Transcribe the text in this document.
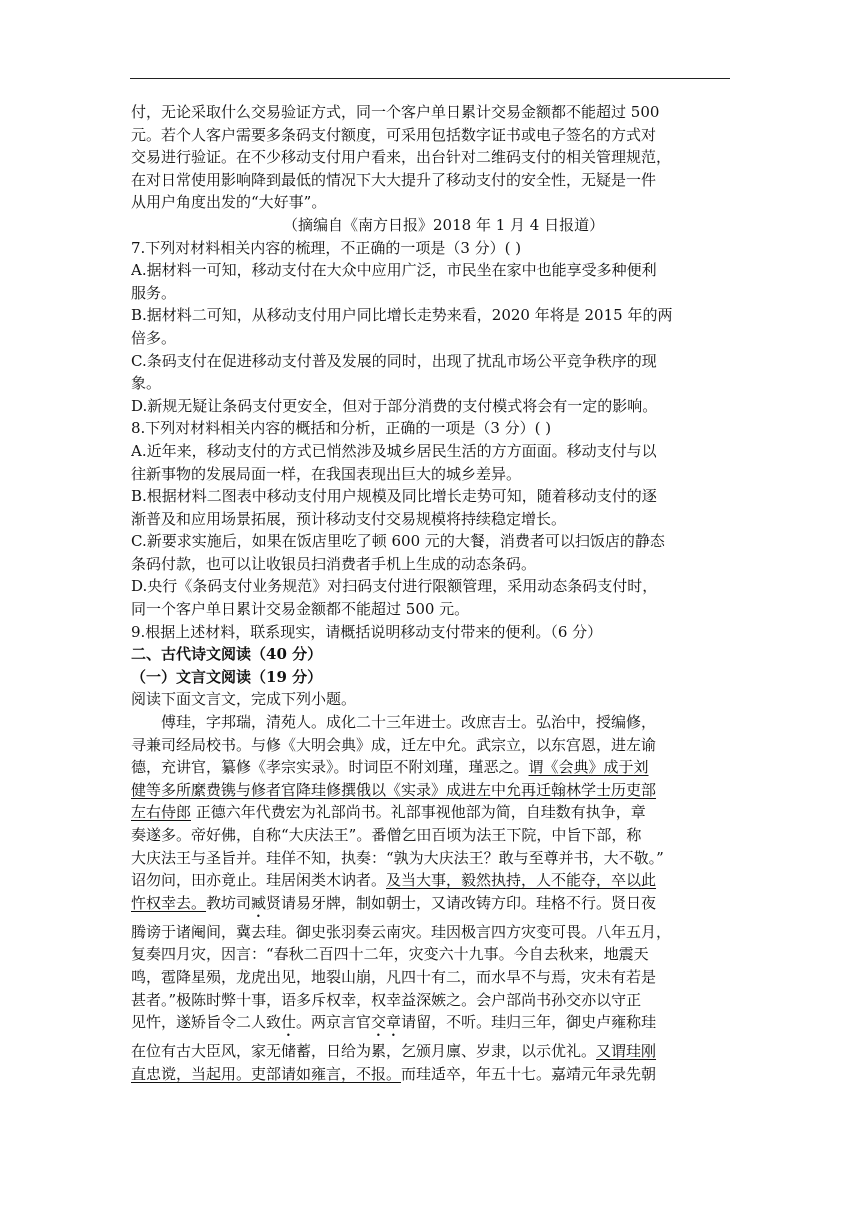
付，无论采取什么交易验证方式，同一个客户单日累计交易金额都不能超过 500
元。若个人客户需要多条码支付额度，可采用包括数字证书或电子签名的方式对
交易进行验证。在不少移动支付用户看来，出台针对二维码支付的相关管理规范，
在对日常使用影响降到最低的情况下大大提升了移动支付的安全性，无疑是一件
从用户角度出发的“大好事”。
（摘编自《南方日报》2018 年 1 月 4 日报道）
7.下列对材料相关内容的梳理，不正确的一项是（3 分）( )
A.据材料一可知，移动支付在大众中应用广泛，市民坐在家中也能享受多种便利
服务。
B.据材料二可知，从移动支付用户同比增长走势来看，2020 年将是 2015 年的两
倍多。
C.条码支付在促进移动支付普及发展的同时，出现了扰乱市场公平竞争秩序的现
象。
D.新规无疑让条码支付更安全，但对于部分消费的支付模式将会有一定的影响。
8.下列对材料相关内容的概括和分析，正确的一项是（3 分）( )
A.近年来，移动支付的方式已悄然涉及城乡居民生活的方方面面。移动支付与以
往新事物的发展局面一样，在我国表现出巨大的城乡差异。
B.根据材料二图表中移动支付用户规模及同比增长走势可知，随着移动支付的逐
渐普及和应用场景拓展，预计移动支付交易规模将持续稳定增长。
C.新要求实施后，如果在饭店里吃了顿 600 元的大餐，消费者可以扫饭店的静态
条码付款，也可以让收银员扫消费者手机上生成的动态条码。
D.央行《条码支付业务规范》对扫码支付进行限额管理，采用动态条码支付时，
同一个客户单日累计交易金额都不能超过 500 元。
9.根据上述材料，联系现实，请概括说明移动支付带来的便利。（6 分）
二、古代诗文阅读（40 分）
（一）文言文阅读（19 分）
阅读下面文言文，完成下列小题。
傅珪，字邦瑞，清苑人。成化二十三年进士。改庶吉士。弘治中，授编修，
寻兼司经局校书。与修《大明会典》成，迁左中允。武宗立，以东宫恩，进左谕
德，充讲官，纂修《孝宗实录》。时词臣不附刘瑾，瑾恶之。谓《会典》成于刘
健等多所縻费镌与修者官降珪修撰俄以《实录》成进左中允再迁翰林学士历吏部
左右侍郎 正德六年代费宏为礼部尚书。礼部事视他部为简，自珪数有执争，章
奏遂多。帝好佛，自称“大庆法王”。番僧乞田百顷为法王下院，中旨下部，称
大庆法王与圣旨并。珪佯不知，执奏：“孰为大庆法王？敢与至尊并书，大不敬。”
诏勿问，田亦竟止。珪居闲类木讷者。及当大事，毅然执持，人不能夺，卒以此
忤权幸去。教坊司臧贤请易牙牌，制如朝士，又请改铸方印。珪格不行。贤日夜
腾谤于诸阉间，冀去珪。御史张羽奏云南灾。珪因极言四方灾变可畏。八年五月，
复奏四月灾，因言：“春秋二百四十二年，灾变六十九事。今自去秋来，地震天
鸣，雹降星殒，龙虎出见，地裂山崩，凡四十有二，而水旱不与焉，灾未有若是
甚者。”极陈时弊十事，语多斥权幸，权幸益深嫉之。会户部尚书孙交亦以守正
见忤，遂矫旨令二人致仕。两京言官交章请留，不听。珪归三年，御史卢雍称珪
在位有古大臣风，家无储蓄，日给为累，乞颁月廪、岁隶，以示优礼。又谓珪刚
直忠谠，当起用。吏部请如雍言，不报。而珪适卒，年五十七。嘉靖元年录先朝
